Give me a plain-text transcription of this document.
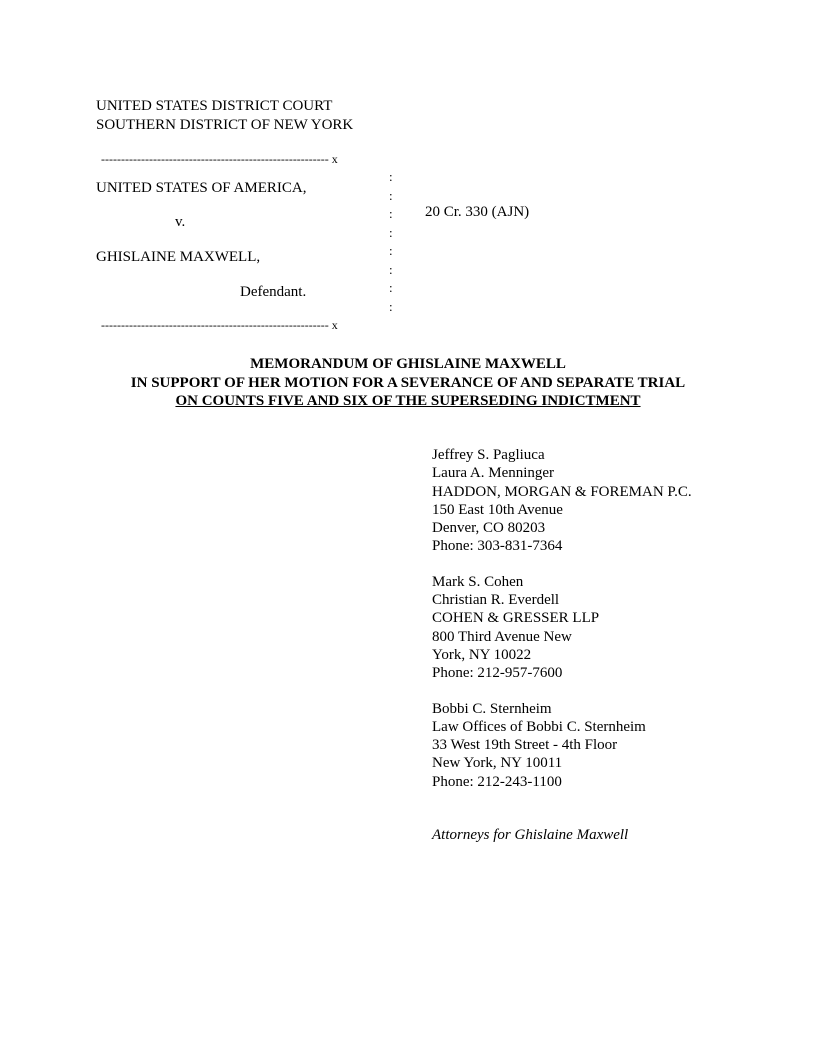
UNITED STATES DISTRICT COURT
SOUTHERN DISTRICT OF NEW YORK
--------------------------------------------------------- x
:
:
:
:
:
:
:
:
UNITED STATES OF AMERICA,
v.
GHISLAINE MAXWELL,
Defendant.
20 Cr. 330 (AJN)
--------------------------------------------------------- x
MEMORANDUM OF GHISLAINE MAXWELL
IN SUPPORT OF HER MOTION FOR A SEVERANCE OF AND SEPARATE TRIAL
ON COUNTS FIVE AND SIX OF THE SUPERSEDING INDICTMENT
Jeffrey S. Pagliuca
Laura A. Menninger
HADDON, MORGAN & FOREMAN P.C.
150 East 10th Avenue
Denver, CO 80203
Phone: 303-831-7364
Mark S. Cohen
Christian R. Everdell
COHEN & GRESSER LLP
800 Third Avenue New
York, NY 10022
Phone: 212-957-7600
Bobbi C. Sternheim
Law Offices of Bobbi C. Sternheim
33 West 19th Street - 4th Floor
New York, NY 10011
Phone: 212-243-1100
Attorneys for Ghislaine Maxwell
